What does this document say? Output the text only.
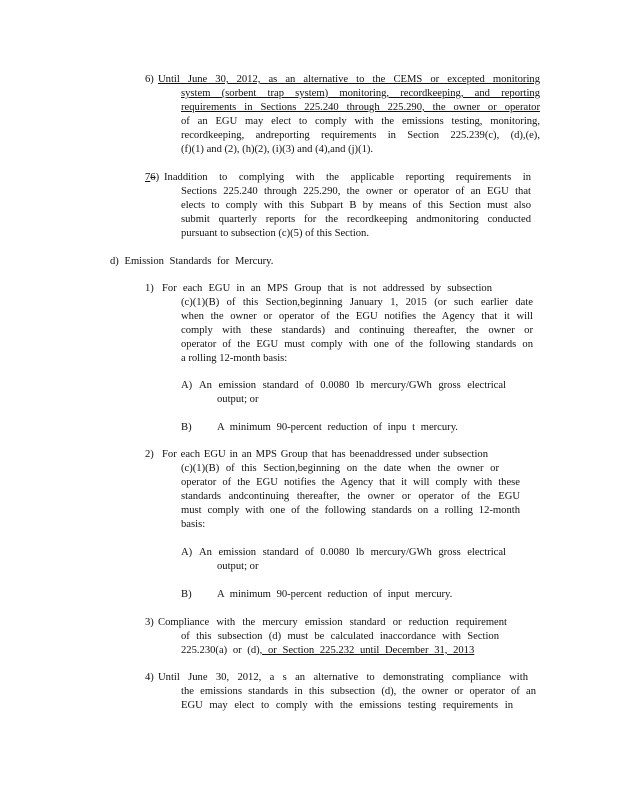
6) Until June 30, 2012, as an alternative to the CEMS or excepted monitoring
system (sorbent trap system) monitoring, recordkeeping, and reporting
requirements in Sections 225.240 through 225.290, the owner or operator
of an EGU may elect to comply with the emissions testing, monitoring,
recordkeeping, andreporting requirements in Section 225.239(c), (d),(e),
(f)(1) and (2), (h)(2), (i)(3) and (4),and (j)(1).
76) Inaddition to complying with the applicable reporting requirements in
Sections 225.240 through 225.290, the owner or operator of an EGU that
elects to comply with this Subpart B by means of this Section must also
submit quarterly reports for the recordkeeping andmonitoring conducted
pursuant to subsection (c)(5) of this Section.
d) Emission Standards for Mercury.
1) For each EGU in an MPS Group that is not addressed by subsection
(c)(1)(B) of this Section,beginning January 1, 2015 (or such earlier date
when the owner or operator of the EGU notifies the Agency that it will
comply with these standards) and continuing thereafter, the owner or
operator of the EGU must comply with one of the following standards on
a rolling 12-month basis:
A) An emission standard of 0.0080 lb mercury/GWh gross electrical
output; or
B)	A minimum 90-percent reduction of inpu t mercury.
2) For each EGU in an MPS Group that has beenaddressed under subsection
(c)(1)(B) of this Section,beginning on the date when the owner or
operator of the EGU notifies the Agency that it will comply with these
standards andcontinuing thereafter, the owner or operator of the EGU
must comply with one of the following standards on a rolling 12-month
basis:
A) An emission standard of 0.0080 lb mercury/GWh gross electrical
output; or
B)	A minimum 90-percent reduction of input mercury.
3) Compliance with the mercury emission standard or reduction requirement
of this subsection (d) must be calculated inaccordance with Section
225.230(a) or (d), or Section 225.232 until December 31, 2013
4) Until June 30, 2012, a s an alternative to demonstrating compliance with
the emissions standards in this subsection (d), the owner or operator of an
EGU may elect to comply with the emissions testing requirements in
